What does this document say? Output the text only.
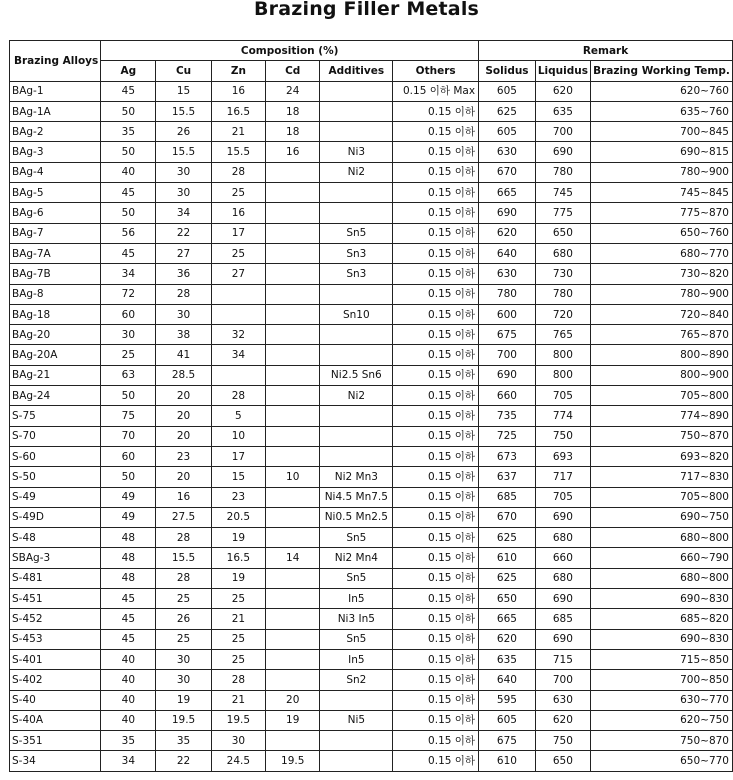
Brazing Filler Metals
Brazing Alloys	Composition (%)						Remark		
	Ag	Cu	Zn	Cd	Additives	Others	Solidus	Liquidus	Brazing Working Temp.
BAg-1	45	15	16	24		0.15 이하 Max	605	620	620~760
BAg-1A	50	15.5	16.5	18		0.15 이하	625	635	635~760
BAg-2	35	26	21	18		0.15 이하	605	700	700~845
BAg-3	50	15.5	15.5	16	Ni3	0.15 이하	630	690	690~815
BAg-4	40	30	28		Ni2	0.15 이하	670	780	780~900
BAg-5	45	30	25			0.15 이하	665	745	745~845
BAg-6	50	34	16			0.15 이하	690	775	775~870
BAg-7	56	22	17		Sn5	0.15 이하	620	650	650~760
BAg-7A	45	27	25		Sn3	0.15 이하	640	680	680~770
BAg-7B	34	36	27		Sn3	0.15 이하	630	730	730~820
BAg-8	72	28				0.15 이하	780	780	780~900
BAg-18	60	30			Sn10	0.15 이하	600	720	720~840
BAg-20	30	38	32			0.15 이하	675	765	765~870
BAg-20A	25	41	34			0.15 이하	700	800	800~890
BAg-21	63	28.5			Ni2.5 Sn6	0.15 이하	690	800	800~900
BAg-24	50	20	28		Ni2	0.15 이하	660	705	705~800
S-75	75	20	5			0.15 이하	735	774	774~890
S-70	70	20	10			0.15 이하	725	750	750~870
S-60	60	23	17			0.15 이하	673	693	693~820
S-50	50	20	15	10	Ni2 Mn3	0.15 이하	637	717	717~830
S-49	49	16	23		Ni4.5 Mn7.5	0.15 이하	685	705	705~800
S-49D	49	27.5	20.5		Ni0.5 Mn2.5	0.15 이하	670	690	690~750
S-48	48	28	19		Sn5	0.15 이하	625	680	680~800
SBAg-3	48	15.5	16.5	14	Ni2 Mn4	0.15 이하	610	660	660~790
S-481	48	28	19		Sn5	0.15 이하	625	680	680~800
S-451	45	25	25		In5	0.15 이하	650	690	690~830
S-452	45	26	21		Ni3 In5	0.15 이하	665	685	685~820
S-453	45	25	25		Sn5	0.15 이하	620	690	690~830
S-401	40	30	25		In5	0.15 이하	635	715	715~850
S-402	40	30	28		Sn2	0.15 이하	640	700	700~850
S-40	40	19	21	20		0.15 이하	595	630	630~770
S-40A	40	19.5	19.5	19	Ni5	0.15 이하	605	620	620~750
S-351	35	35	30			0.15 이하	675	750	750~870
S-34	34	22	24.5	19.5		0.15 이하	610	650	650~770
